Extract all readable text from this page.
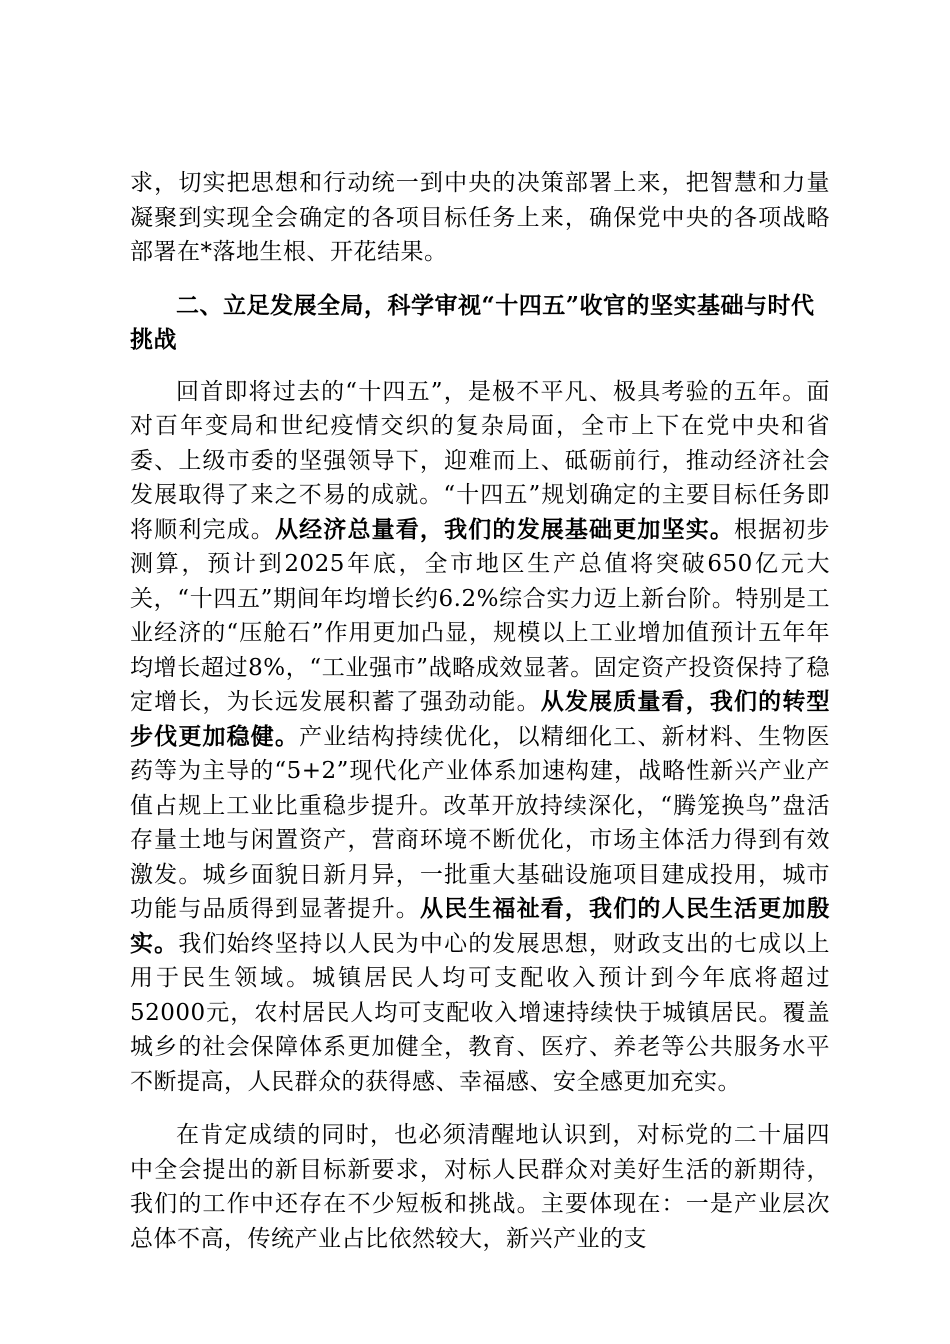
求，切实把思想和行动统一到中央的决策部署上来，把智慧和力量凝聚到实现全会确定的各项目标任务上来，确保党中央的各项战略部署在*落地生根、开花结果。

二、立足发展全局，科学审视“十四五”收官的坚实基础与时代挑战

回首即将过去的“十四五”，是极不平凡、极具考验的五年。面对百年变局和世纪疫情交织的复杂局面，全市上下在党中央和省委、上级市委的坚强领导下，迎难而上、砥砺前行，推动经济社会发展取得了来之不易的成就。“十四五”规划确定的主要目标任务即将顺利完成。从经济总量看，我们的发展基础更加坚实。根据初步测算，预计到2025年底，全市地区生产总值将突破650亿元大关，“十四五”期间年均增长约6.2%综合实力迈上新台阶。特别是工业经济的“压舱石”作用更加凸显，规模以上工业增加值预计五年年均增长超过8%，“工业强市”战略成效显著。固定资产投资保持了稳定增长，为长远发展积蓄了强劲动能。从发展质量看，我们的转型步伐更加稳健。产业结构持续优化，以精细化工、新材料、生物医药等为主导的“5+2”现代化产业体系加速构建，战略性新兴产业产值占规上工业比重稳步提升。改革开放持续深化，“腾笼换鸟”盘活存量土地与闲置资产，营商环境不断优化，市场主体活力得到有效激发。城乡面貌日新月异，一批重大基础设施项目建成投用，城市功能与品质得到显著提升。从民生福祉看，我们的人民生活更加殷实。我们始终坚持以人民为中心的发展思想，财政支出的七成以上用于民生领域。城镇居民人均可支配收入预计到今年底将超过52000元，农村居民人均可支配收入增速持续快于城镇居民。覆盖城乡的社会保障体系更加健全，教育、医疗、养老等公共服务水平不断提高，人民群众的获得感、幸福感、安全感更加充实。

在肯定成绩的同时，也必须清醒地认识到，对标党的二十届四中全会提出的新目标新要求，对标人民群众对美好生活的新期待，我们的工作中还存在不少短板和挑战。主要体现在：一是产业层次总体不高，传统产业占比依然较大，新兴产业的支
